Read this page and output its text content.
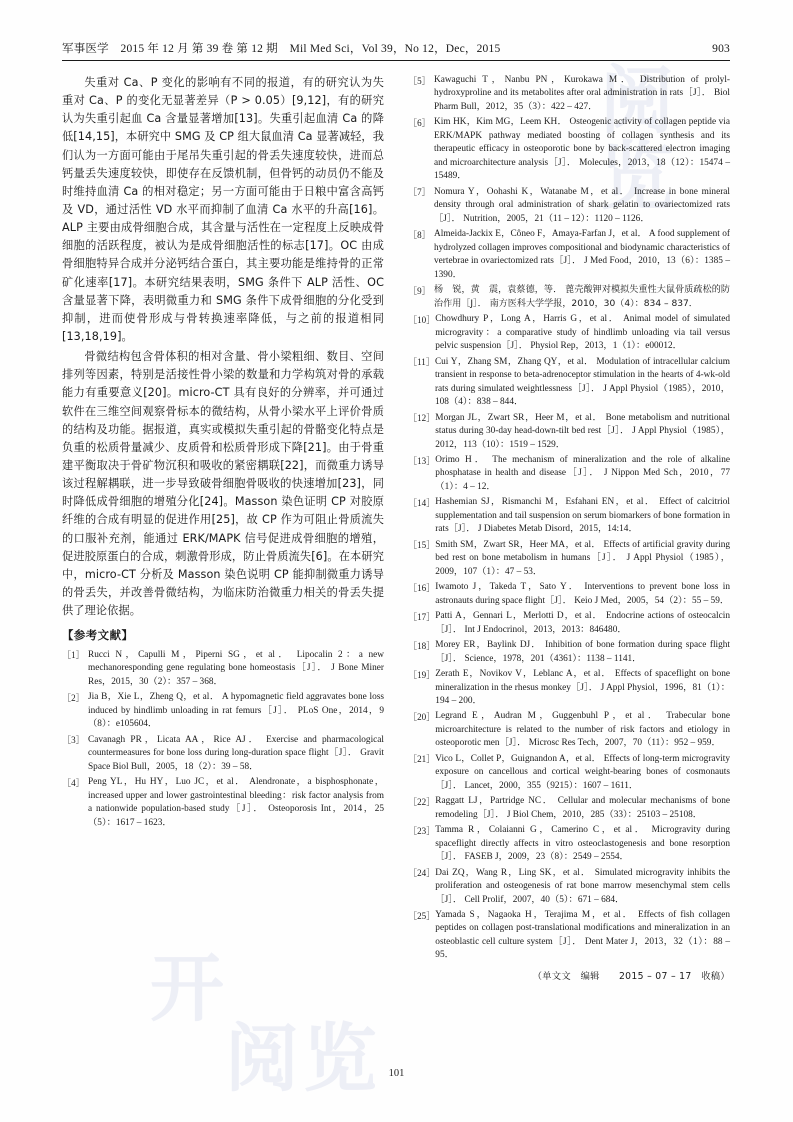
阅
览
开
阅览
军事医学　2015 年 12 月 第 39 卷 第 12 期　Mil Med Sci，Vol 39，No 12，Dec，2015	903

失重对 Ca、P 变化的影响有不同的报道，有的研究认为失重对 Ca、P 的变化无显著差异（P > 0.05）[9,12]，有的研究认为失重引起血 Ca 含量显著增加[13]。失重引起血清 Ca 的降低[14,15]，本研究中 SMG 及 CP 组大鼠血清 Ca 显著减轻，我们认为一方面可能由于尾吊失重引起的骨丢失速度较快，进而总钙量丢失速度较快，即使存在反馈机制，但骨钙的动员仍不能及时维持血清 Ca 的相对稳定；另一方面可能由于日粮中富含高钙及 VD，通过活性 VD 水平而抑制了血清 Ca 水平的升高[16]。ALP 主要由成骨细胞合成，其含量与活性在一定程度上反映成骨细胞的活跃程度，被认为是成骨细胞活性的标志[17]。OC 由成骨细胞特异合成并分泌钙结合蛋白，其主要功能是维持骨的正常矿化速率[17]。本研究结果表明，SMG 条件下 ALP 活性、OC 含量显著下降，表明微重力和 SMG 条件下成骨细胞的分化受到抑制，进而使骨形成与骨转换速率降低，与之前的报道相同[13,18,19]。

骨微结构包含骨体积的相对含量、骨小梁粗细、数目、空间排列等因素，特别是活接性骨小梁的数量和力学构筑对骨的承载能力有重要意义[20]。micro-CT 具有良好的分辨率，并可通过软件在三维空间观察骨标本的微结构，从骨小梁水平上评价骨质的结构及功能。据报道，真实或模拟失重引起的骨骼变化特点是负重的松质骨量减少、皮质骨和松质骨形成下降[21]。由于骨重建平衡取决于骨矿物沉积和吸收的紧密耦联[22]，而微重力诱导该过程解耦联，进一步导致破骨细胞骨吸收的快速增加[23]，同时降低成骨细胞的增殖分化[24]。Masson 染色证明 CP 对胶原纤维的合成有明显的促进作用[25]，故 CP 作为可阻止骨质流失的口服补充剂，能通过 ERK/MAPK 信号促进成骨细胞的增殖，促进胶原蛋白的合成，刺激骨形成，防止骨质流失[6]。在本研究中，micro-CT 分析及 Masson 染色说明 CP 能抑制微重力诱导的骨丢失，并改善骨微结构，为临床防治微重力相关的骨丢失提供了理论依据。

【参考文献】
［1］ Rucci N，Capulli M，Piperni SG，et al． Lipocalin 2：a new mechanoresponding gene regulating bone homeostasis［J］． J Bone Miner Res，2015，30（2）：357 – 368．
［2］ Jia B，Xie L，Zheng Q，et al． A hypomagnetic field aggravates bone loss induced by hindlimb unloading in rat femurs［J］． PLoS One，2014，9（8）：e105604．
［3］ Cavanagh PR，Licata AA，Rice AJ． Exercise and pharmacological countermeasures for bone loss during long-duration space flight［J］． Gravit Space Biol Bull，2005，18（2）：39 – 58．
［4］ Peng YL，Hu HY，Luo JC，et al． Alendronate，a bisphosphonate，increased upper and lower gastrointestinal bleeding：risk factor analysis from a nationwide population-based study［J］． Osteoporosis Int，2014，25（5）：1617 – 1623．
［5］ Kawaguchi T，Nanbu PN，Kurokawa M． Distribution of prolyl-hydroxyproline and its metabolites after oral administration in rats［J］． Biol Pharm Bull，2012，35（3）：422 – 427．
［6］ Kim HK，Kim MG，Leem KH． Osteogenic activity of collagen peptide via ERK/MAPK pathway mediated boosting of collagen synthesis and its therapeutic efficacy in osteoporotic bone by back-scattered electron imaging and microarchitecture analysis［J］． Molecules，2013，18（12）：15474 – 15489．
［7］ Nomura Y，Oohashi K，Watanabe M，et al． Increase in bone mineral density through oral administration of shark gelatin to ovariectomized rats［J］． Nutrition，2005，21（11 – 12）：1120 – 1126．
［8］ Almeida-Jackix E，Côneo F，Amaya-Farfan J，et al． A food supplement of hydrolyzed collagen improves compositional and biodynamic characteristics of vertebrae in ovariectomized rats［J］． J Med Food，2010，13（6）：1385 – 1390．
［9］ 杨　锐，黄　震，袁蔡德，等． 蓖壳酸钾对模拟失重性大鼠骨质疏松的防治作用［J］． 南方医科大学学报，2010，30（4）：834 – 837．
［10］ Chowdhury P，Long A，Harris G，et al． Animal model of simulated microgravity：a comparative study of hindlimb unloading via tail versus pelvic suspension［J］． Physiol Rep，2013，1（1）：e00012．
［11］ Cui Y，Zhang SM，Zhang QY，et al． Modulation of intracellular calcium transient in response to beta-adrenoceptor stimulation in the hearts of 4-wk-old rats during simulated weightlessness［J］． J Appl Physiol（1985），2010，108（4）：838 – 844．
［12］ Morgan JL，Zwart SR，Heer M，et al． Bone metabolism and nutritional status during 30-day head-down-tilt bed rest［J］． J Appl Physiol（1985），2012，113（10）：1519 – 1529．
［13］ Orimo H． The mechanism of mineralization and the role of alkaline phosphatase in health and disease［J］． J Nippon Med Sch，2010，77（1）：4 – 12．
［14］ Hashemian SJ，Rismanchi M，Esfahani EN，et al． Effect of calcitriol supplementation and tail suspension on serum biomarkers of bone formation in rats［J］． J Diabetes Metab Disord，2015，14:14．
［15］ Smith SM，Zwart SR，Heer MA，et al． Effects of artificial gravity during bed rest on bone metabolism in humans［J］． J Appl Physiol（1985），2009，107（1）：47 – 53．
［16］ Iwamoto J，Takeda T，Sato Y． Interventions to prevent bone loss in astronauts during space flight［J］． Keio J Med，2005，54（2）：55 – 59．
［17］ Patti A，Gennari L，Merlotti D，et al． Endocrine actions of osteocalcin［J］． Int J Endocrinol，2013，2013：846480．
［18］ Morey ER，Baylink DJ． Inhibition of bone formation during space flight［J］． Science，1978，201（4361）：1138 – 1141．
［19］ Zerath E，Novikov V，Leblanc A，et al． Effects of spaceflight on bone mineralization in the rhesus monkey［J］． J Appl Physiol，1996，81（1）：194 – 200．
［20］ Legrand E，Audran M，Guggenbuhl P，et al． Trabecular bone microarchitecture is related to the number of risk factors and etiology in osteoporotic men［J］． Microsc Res Tech，2007，70（11）：952 – 959．
［21］ Vico L，Collet P，Guignandon A，et al． Effects of long-term microgravity exposure on cancellous and cortical weight-bearing bones of cosmonauts［J］． Lancet，2000，355（9215）：1607 – 1611．
［22］ Raggatt LJ，Partridge NC． Cellular and molecular mechanisms of bone remodeling［J］． J Biol Chem，2010，285（33）：25103 – 25108．
［23］ Tamma R，Colaianni G，Camerino C，et al． Microgravity during spaceflight directly affects in vitro osteoclastogenesis and bone resorption［J］． FASEB J，2009，23（8）：2549 – 2554．
［24］ Dai ZQ，Wang R，Ling SK，et al． Simulated microgravity inhibits the proliferation and osteogenesis of rat bone marrow mesenchymal stem cells［J］． Cell Prolif，2007，40（5）：671 – 684．
［25］ Yamada S，Nagaoka H，Terajima M，et al． Effects of fish collagen peptides on collagen post-translational modifications and mineralization in an osteoblastic cell culture system［J］． Dent Mater J，2013，32（1）：88 – 95．
（单文文　编辑　　2015 – 07 – 17　收稿）
101
